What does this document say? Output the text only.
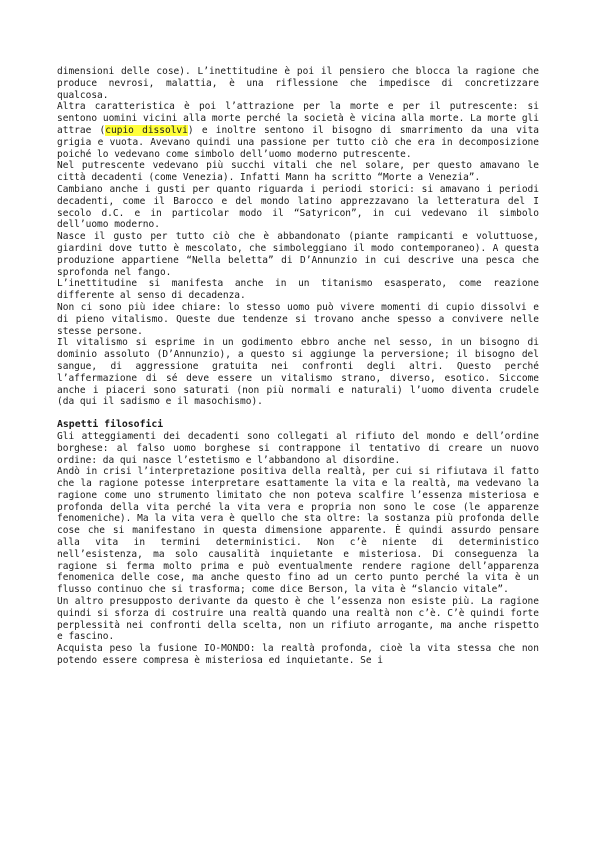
dimensioni delle cose). L’inettitudine è poi il pensiero che blocca la ragione che produce nevrosi, malattia, è una riflessione che impedisce di concretizzare qualcosa.

Altra caratteristica è poi l’attrazione per la morte e per il putrescente: si sentono uomini vicini alla morte perché la società è vicina alla morte. La morte gli attrae (cupio dissolvi) e inoltre sentono il bisogno di smarrimento da una vita grigia e vuota. Avevano quindi una passione per tutto ciò che era in decomposizione poiché lo vedevano come simbolo dell’uomo moderno putrescente.

Nel putrescente vedevano più succhi vitali che nel solare, per questo amavano le città decadenti (come Venezia). Infatti Mann ha scritto “Morte a Venezia”.

Cambiano anche i gusti per quanto riguarda i periodi storici: si amavano i periodi decadenti, come il Barocco e del mondo latino apprezzavano la letteratura del I secolo d.C. e in particolar modo il “Satyricon”, in cui vedevano il simbolo dell’uomo moderno.

Nasce il gusto per tutto ciò che è abbandonato (piante rampicanti e voluttuose, giardini dove tutto è mescolato, che simboleggiano il modo contemporaneo). A questa produzione appartiene “Nella beletta” di D’Annunzio in cui descrive una pesca che sprofonda nel fango.

L’inettitudine si manifesta anche in un titanismo esasperato, come reazione differente al senso di decadenza.

Non ci sono più idee chiare: lo stesso uomo può vivere momenti di cupio dissolvi e di pieno vitalismo. Queste due tendenze si trovano anche spesso a convivere nelle stesse persone.

Il vitalismo si esprime in un godimento ebbro anche nel sesso, in un bisogno di dominio assoluto (D’Annunzio), a questo si aggiunge la perversione; il bisogno del sangue, di aggressione gratuita nei confronti degli altri. Questo perché l’affermazione di sé deve essere un vitalismo strano, diverso, esotico. Siccome anche i piaceri sono saturati (non più normali e naturali) l’uomo diventa crudele (da qui il sadismo e il masochismo).

Aspetti filosofici

Gli atteggiamenti dei decadenti sono collegati al rifiuto del mondo e dell’ordine borghese: al falso uomo borghese si contrappone il tentativo di creare un nuovo ordine: da qui nasce l’estetismo e l’abbandono al disordine.

Andò in crisi l’interpretazione positiva della realtà, per cui si rifiutava il fatto che la ragione potesse interpretare esattamente la vita e la realtà, ma vedevano la ragione come uno strumento limitato che non poteva scalfire l’essenza misteriosa e profonda della vita perché la vita vera e propria non sono le cose (le apparenze fenomeniche). Ma la vita vera è quello che sta oltre: la sostanza più profonda delle cose che si manifestano in questa dimensione apparente. È quindi assurdo pensare alla vita in termini deterministici. Non c’è niente di deterministico nell’esistenza, ma solo causalità inquietante e misteriosa. Di conseguenza la ragione si ferma molto prima e può eventualmente rendere ragione dell’apparenza fenomenica delle cose, ma anche questo fino ad un certo punto perché la vita è un flusso continuo che si trasforma; come dice Berson, la vita è “slancio vitale”.

Un altro presupposto derivante da questo è che l’essenza non esiste più. La ragione quindi si sforza di costruire una realtà quando una realtà non c’è. C’è quindi forte perplessità nei confronti della scelta, non un rifiuto arrogante, ma anche rispetto e fascino.

Acquista peso la fusione IO-MONDO: la realtà profonda, cioè la vita stessa che non potendo essere compresa è misteriosa ed inquietante. Se i
